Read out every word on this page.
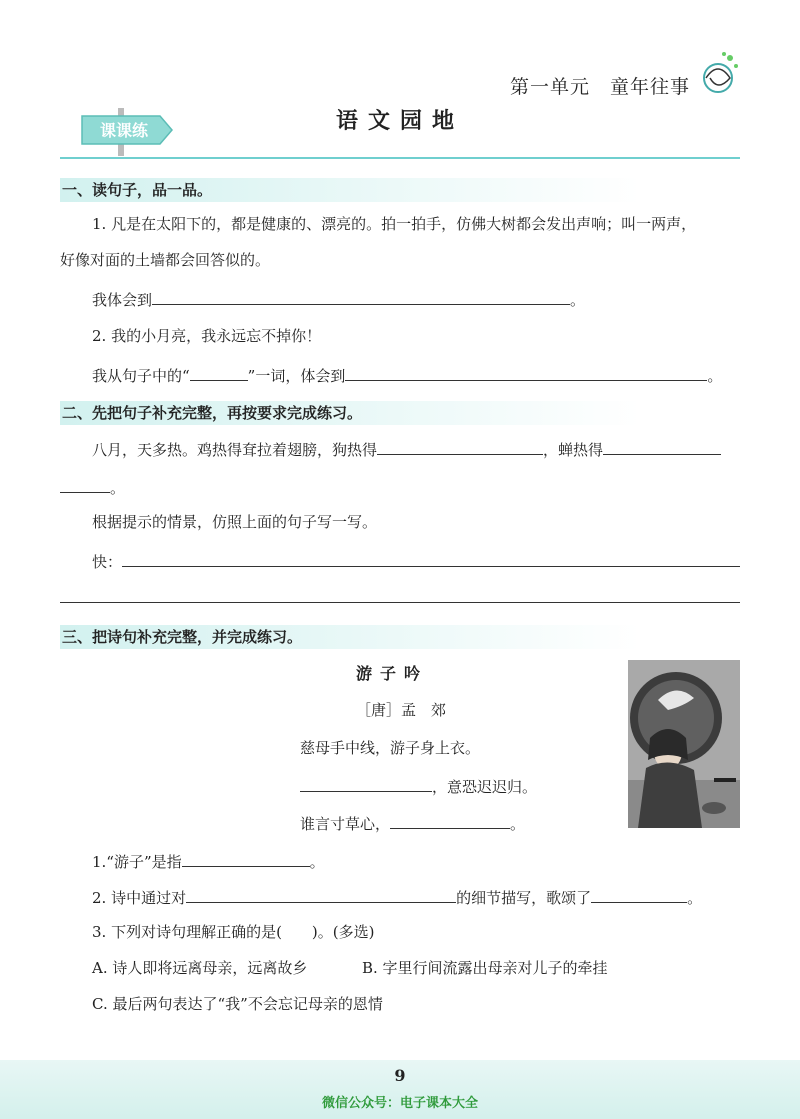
第一单元　童年往事
课课练	语文园地
一、读句子，品一品。
1. 凡是在太阳下的，都是健康的、漂亮的。拍一拍手，仿佛大树都会发出声响；叫一两声，
好像对面的土墙都会回答似的。
我体会到	。
2. 我的小月亮，我永远忘不掉你！
我从句子中的“	”一词，体会到	。
二、先把句子补充完整，再按要求完成练习。
八月，天多热。鸡热得耷拉着翅膀，狗热得	，蝉热得
。
根据提示的情景，仿照上面的句子写一写。
快：
三、把诗句补充完整，并完成练习。
游子吟
［唐］孟　郊
慈母手中线，游子身上衣。
，意恐迟迟归。
谁言寸草心，	。
1.“游子”是指	。
2. 诗中通过对	的细节描写，歌颂了	。
3. 下列对诗句理解正确的是(　　)。(多选)
A. 诗人即将远离母亲，远离故乡	B. 字里行间流露出母亲对儿子的牵挂
C. 最后两句表达了“我”不会忘记母亲的恩情
9
微信公众号：电子课本大全
